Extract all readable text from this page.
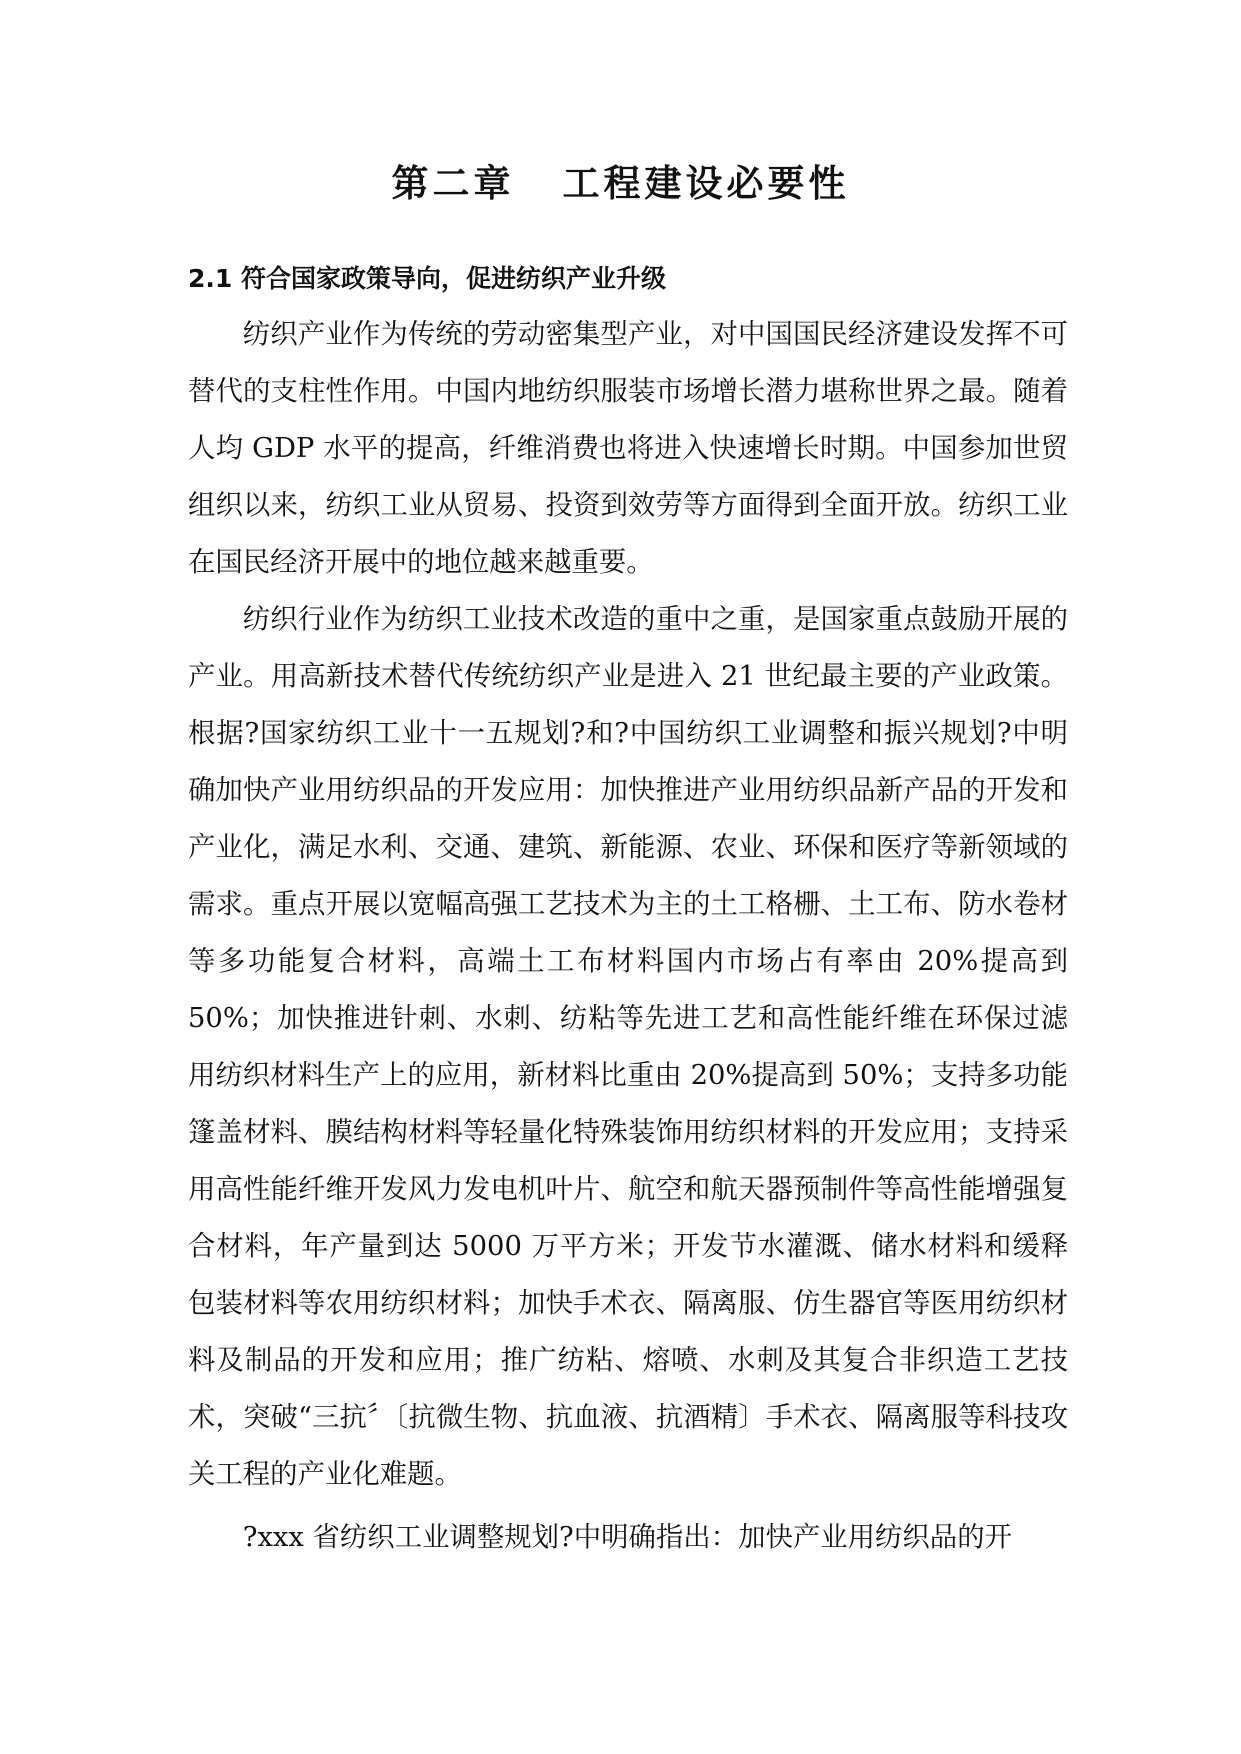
第二章 工程建设必要性
2.1 符合国家政策导向，促进纺织产业升级

纺织产业作为传统的劳动密集型产业，对中国国民经济建设发挥不可替代的支柱性作用。中国内地纺织服装市场增长潜力堪称世界之最。随着人均 GDP 水平的提高，纤维消费也将进入快速增长时期。中国参加世贸组织以来，纺织工业从贸易、投资到效劳等方面得到全面开放。纺织工业在国民经济开展中的地位越来越重要。

纺织行业作为纺织工业技术改造的重中之重，是国家重点鼓励开展的产业。用高新技术替代传统纺织产业是进入 21 世纪最主要的产业政策。根据?国家纺织工业十一五规划?和?中国纺织工业调整和振兴规划?中明确加快产业用纺织品的开发应用：加快推进产业用纺织品新产品的开发和产业化，满足水利、交通、建筑、新能源、农业、环保和医疗等新领域的需求。重点开展以宽幅高强工艺技术为主的土工格栅、土工布、防水卷材等多功能复合材料，高端土工布材料国内市场占有率由 20%提高到 50%；加快推进针刺、水刺、纺粘等先进工艺和高性能纤维在环保过滤用纺织材料生产上的应用，新材料比重由 20%提高到 50%；支持多功能篷盖材料、膜结构材料等轻量化特殊装饰用纺织材料的开发应用；支持采用高性能纤维开发风力发电机叶片、航空和航天器预制件等高性能增强复合材料，年产量到达 5000 万平方米；开发节水灌溉、储水材料和缓释包装材料等农用纺织材料；加快手术衣、隔离服、仿生器官等医用纺织材料及制品的开发和应用；推广纺粘、熔喷、水刺及其复合非织造工艺技术，突破“三抗〞〔抗微生物、抗血液、抗酒精〕手术衣、隔离服等科技攻关工程的产业化难题。

?xxx 省纺织工业调整规划?中明确指出：加快产业用纺织品的开
